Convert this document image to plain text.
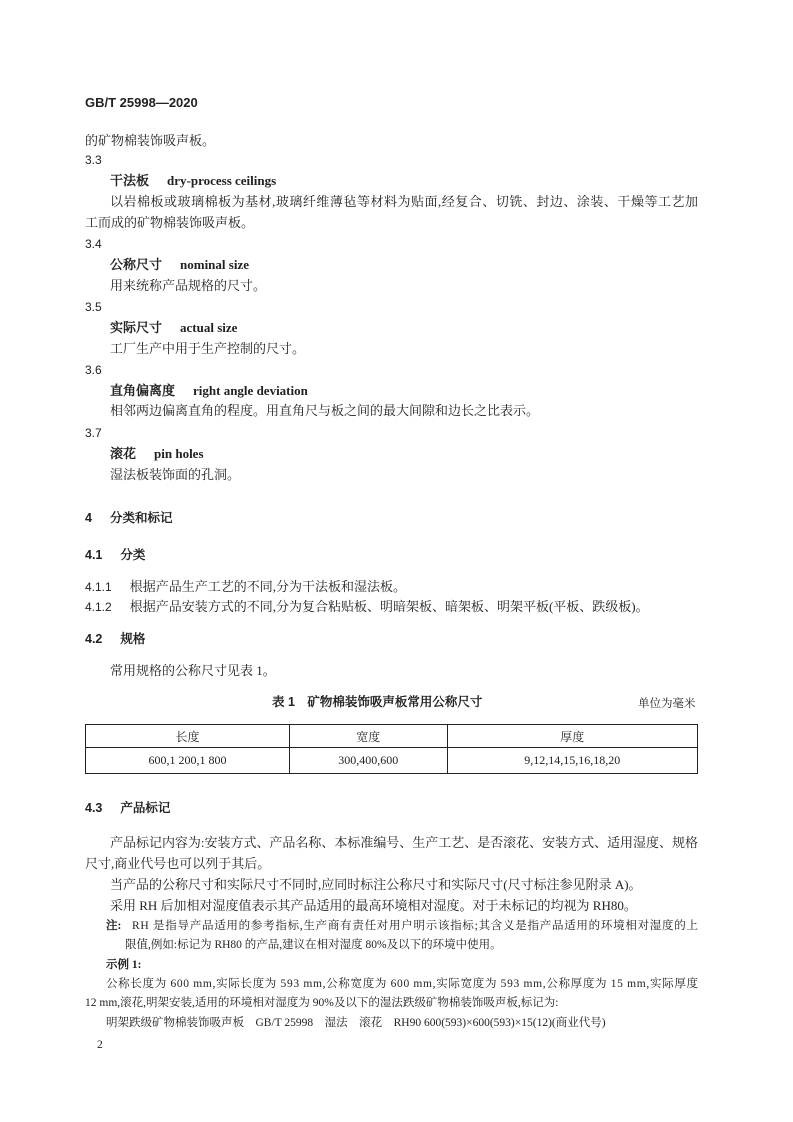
GB/T 25998—2020
的矿物棉装饰吸声板。
3.3
干法板 dry-process ceilings
以岩棉板或玻璃棉板为基材,玻璃纤维薄毡等材料为贴面,经复合、切铣、封边、涂装、干燥等工艺加
工而成的矿物棉装饰吸声板。
3.4
公称尺寸 nominal size
用来统称产品规格的尺寸。
3.5
实际尺寸 actual size
工厂生产中用于生产控制的尺寸。
3.6
直角偏离度 right angle deviation
相邻两边偏离直角的程度。用直角尺与板之间的最大间隙和边长之比表示。
3.7
滚花 pin holes
湿法板装饰面的孔洞。
4 分类和标记
4.1 分类
4.1.1 根据产品生产工艺的不同,分为干法板和湿法板。
4.1.2 根据产品安装方式的不同,分为复合粘贴板、明暗架板、暗架板、明架平板(平板、跌级板)。
4.2 规格
常用规格的公称尺寸见表 1。
表 1　矿物棉装饰吸声板常用公称尺寸	单位为毫米
长度	宽度	厚度
600,1 200,1 800	300,400,600	9,12,14,15,16,18,20
4.3 产品标记
产品标记内容为:安装方式、产品名称、本标准编号、生产工艺、是否滚花、安装方式、适用湿度、规格
尺寸,商业代号也可以列于其后。
当产品的公称尺寸和实际尺寸不同时,应同时标注公称尺寸和实际尺寸(尺寸标注参见附录 A)。
采用 RH 后加相对湿度值表示其产品适用的最高环境相对湿度。对于未标记的均视为 RH80。
注: RH 是指导产品适用的参考指标,生产商有责任对用户明示该指标;其含义是指产品适用的环境相对湿度的上
限值,例如:标记为 RH80 的产品,建议在相对湿度 80%及以下的环境中使用。
示例 1:
公称长度为 600 mm,实际长度为 593 mm,公称宽度为 600 mm,实际宽度为 593 mm,公称厚度为 15 mm,实际厚度
12 mm,滚花,明架安装,适用的环境相对湿度为 90%及以下的湿法跌级矿物棉装饰吸声板,标记为:
明架跌级矿物棉装饰吸声板　GB/T 25998　湿法　滚花　RH90 600(593)×600(593)×15(12)(商业代号)
2
